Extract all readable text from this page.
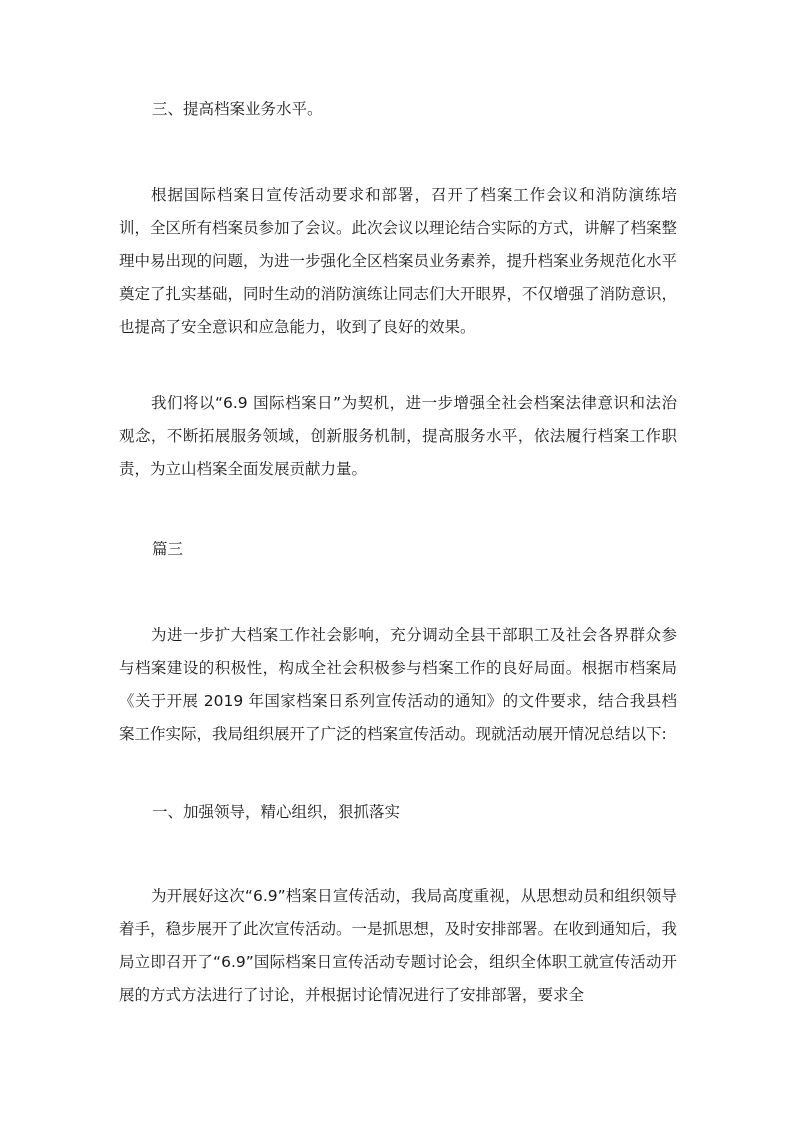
三、提高档案业务水平。

根据国际档案日宣传活动要求和部署，召开了档案工作会议和消防演练培训，全区所有档案员参加了会议。此次会议以理论结合实际的方式，讲解了档案整理中易出现的问题，为进一步强化全区档案员业务素养，提升档案业务规范化水平奠定了扎实基础，同时生动的消防演练让同志们大开眼界，不仅增强了消防意识，也提高了安全意识和应急能力，收到了良好的效果。

我们将以“6.9 国际档案日”为契机，进一步增强全社会档案法律意识和法治观念，不断拓展服务领域，创新服务机制，提高服务水平，依法履行档案工作职责，为立山档案全面发展贡献力量。

篇三

为进一步扩大档案工作社会影响，充分调动全县干部职工及社会各界群众参与档案建设的积极性，构成全社会积极参与档案工作的良好局面。根据市档案局《关于开展 2019 年国家档案日系列宣传活动的通知》的文件要求，结合我县档案工作实际，我局组织展开了广泛的档案宣传活动。现就活动展开情况总结以下:

一、加强领导，精心组织，狠抓落实

为开展好这次“6.9”档案日宣传活动，我局高度重视，从思想动员和组织领导着手，稳步展开了此次宣传活动。一是抓思想，及时安排部署。在收到通知后，我局立即召开了“6.9”国际档案日宣传活动专题讨论会，组织全体职工就宣传活动开展的方式方法进行了讨论，并根据讨论情况进行了安排部署，要求全
